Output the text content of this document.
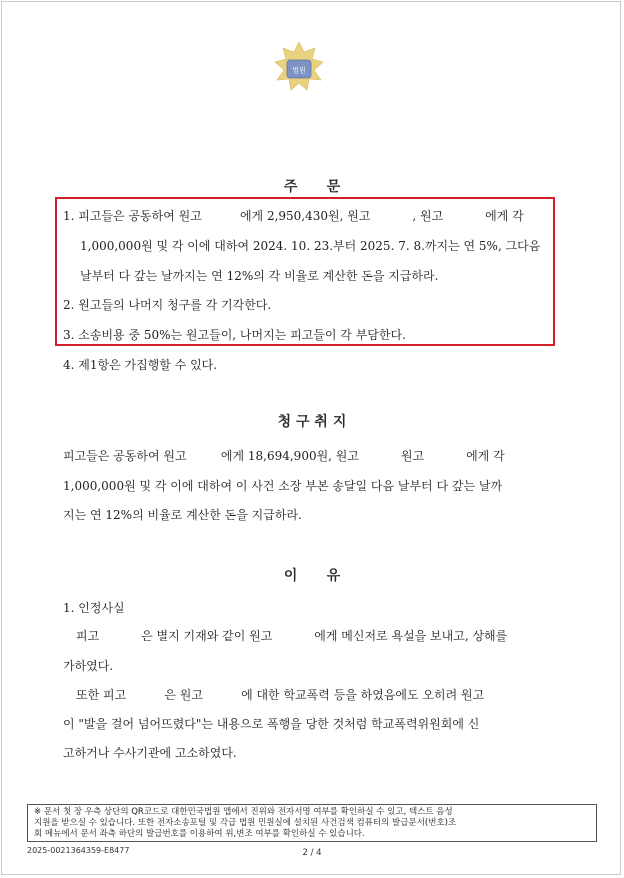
법원
주      문
1. 피고들은 공동하여 원고          에게 2,950,430원, 원고           , 원고           에게 각
1,000,000원 및 각 이에 대하여 2024. 10. 23.부터 2025. 7. 8.까지는 연 5%, 그다음
날부터 다 갚는 날까지는 연 12%의 각 비율로 계산한 돈을 지급하라.
2. 원고들의 나머지 청구를 각 기각한다.
3. 소송비용 중 50%는 원고들이, 나머지는 피고들이 각 부담한다.
4. 제1항은 가집행할 수 있다.
청 구 취 지
피고들은 공동하여 원고         에게 18,694,900원, 원고           원고           에게 각
1,000,000원 및 각 이에 대하여 이 사건 소장 부본 송달일 다음 날부터 다 갚는 날까
지는 연 12%의 비율로 계산한 돈을 지급하라.
이      유
1. 인정사실
피고           은 별지 기재와 같이 원고           에게 메신저로 욕설을 보내고, 상해를
가하였다.
또한 피고          은 원고          에 대한 학교폭력 등을 하였음에도 오히려 원고
이 "발을 걸어 넘어뜨렸다"는 내용으로 폭행을 당한 것처럼 학교폭력위원회에 신
고하거나 수사기관에 고소하였다.
※ 문서 첫 장 우측 상단의 QR코드로 대한민국법원 앱에서 진위와 전자서명 여부를 확인하실 수 있고, 텍스트 음성
지원을 받으실 수 있습니다. 또한 전자소송포털 및 각급 법원 민원실에 설치된 사건검색 컴퓨터의 발급문서(번호)조
회 메뉴에서 문서 좌측 하단의 발급번호를 이용하여 위,변조 여부를 확인하실 수 있습니다.
2025-0021364359-E8477	2 / 4
